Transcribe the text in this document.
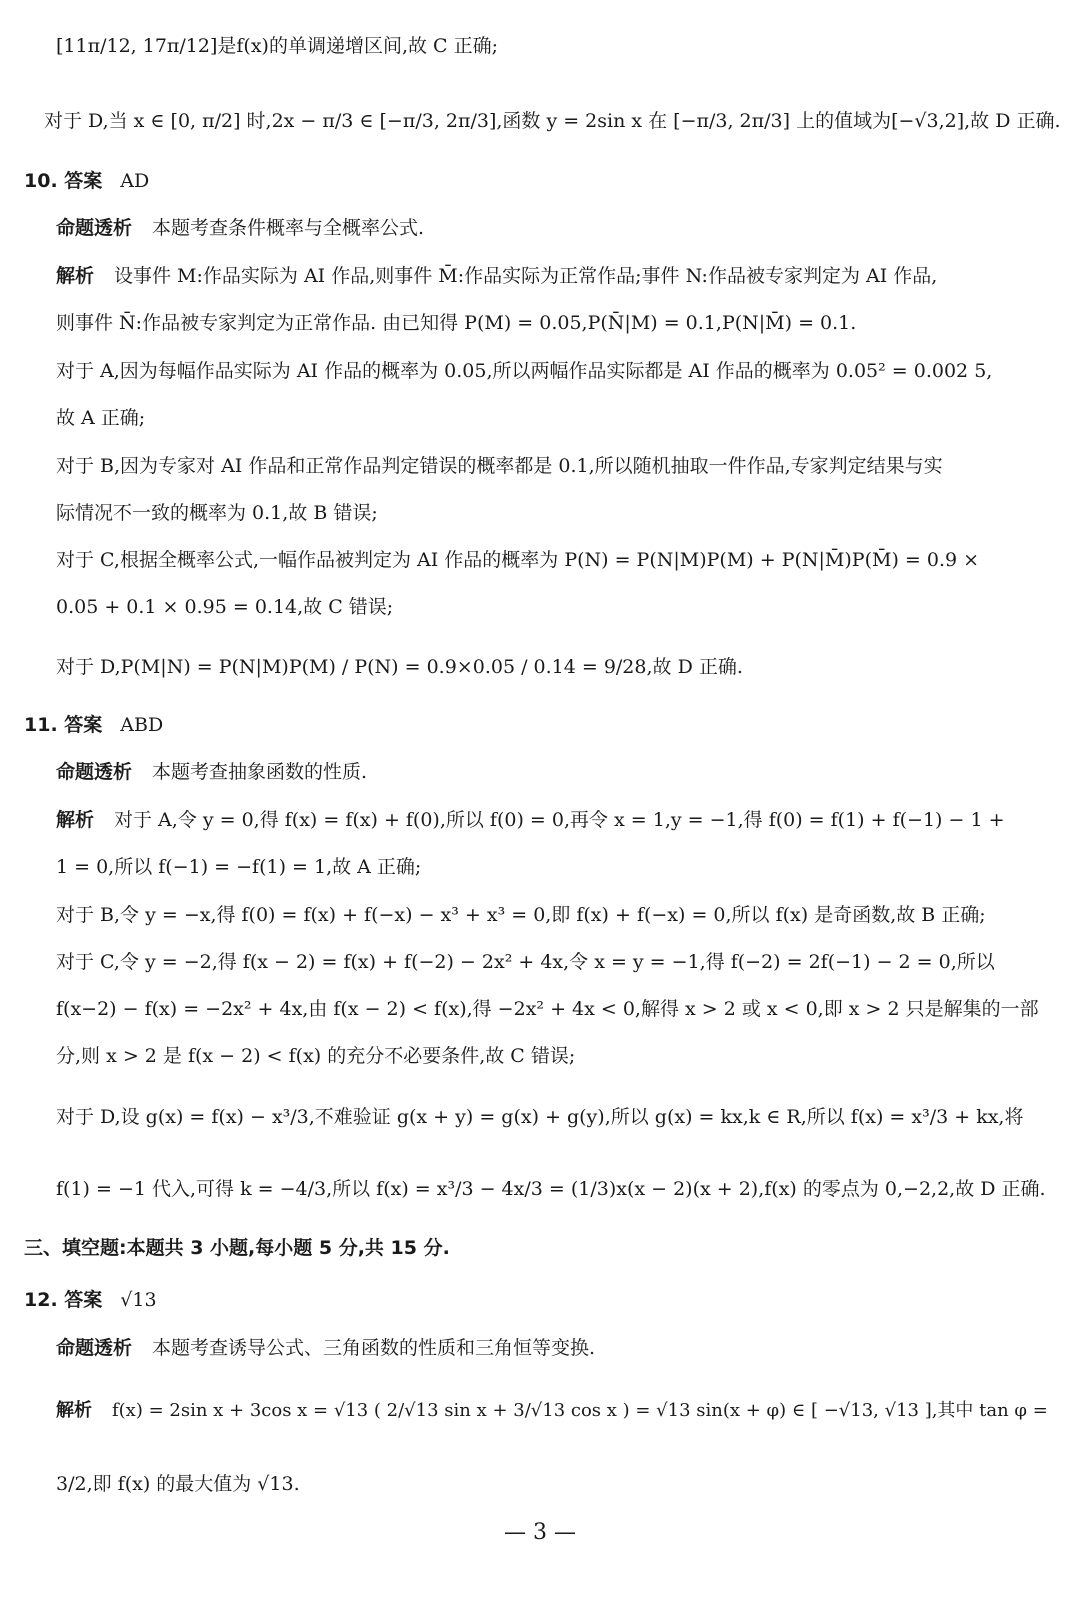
[11π/12, 17π/12]是f(x)的单调递增区间,故 C 正确;
对于 D,当 x ∈ [0, π/2] 时,2x − π/3 ∈ [−π/3, 2π/3],函数 y = 2sin x 在 [−π/3, 2π/3] 上的值域为[−√3,2],故 D 正确.
10. 答案 AD
命题透析 本题考查条件概率与全概率公式.
解析 设事件 M:作品实际为 AI 作品,则事件 M̄:作品实际为正常作品;事件 N:作品被专家判定为 AI 作品,
则事件 N̄:作品被专家判定为正常作品. 由已知得 P(M) = 0.05,P(N̄|M) = 0.1,P(N|M̄) = 0.1.
对于 A,因为每幅作品实际为 AI 作品的概率为 0.05,所以两幅作品实际都是 AI 作品的概率为 0.05² = 0.002 5,
故 A 正确;
对于 B,因为专家对 AI 作品和正常作品判定错误的概率都是 0.1,所以随机抽取一件作品,专家判定结果与实
际情况不一致的概率为 0.1,故 B 错误;
对于 C,根据全概率公式,一幅作品被判定为 AI 作品的概率为 P(N) = P(N|M)P(M) + P(N|M̄)P(M̄) = 0.9 ×
0.05 + 0.1 × 0.95 = 0.14,故 C 错误;
对于 D,P(M|N) = P(N|M)P(M) / P(N) = 0.9×0.05 / 0.14 = 9/28,故 D 正确.
11. 答案 ABD
命题透析 本题考查抽象函数的性质.
解析 对于 A,令 y = 0,得 f(x) = f(x) + f(0),所以 f(0) = 0,再令 x = 1,y = −1,得 f(0) = f(1) + f(−1) − 1 +
1 = 0,所以 f(−1) = −f(1) = 1,故 A 正确;
对于 B,令 y = −x,得 f(0) = f(x) + f(−x) − x³ + x³ = 0,即 f(x) + f(−x) = 0,所以 f(x) 是奇函数,故 B 正确;
对于 C,令 y = −2,得 f(x − 2) = f(x) + f(−2) − 2x² + 4x,令 x = y = −1,得 f(−2) = 2f(−1) − 2 = 0,所以
f(x−2) − f(x) = −2x² + 4x,由 f(x − 2) < f(x),得 −2x² + 4x < 0,解得 x > 2 或 x < 0,即 x > 2 只是解集的一部
分,则 x > 2 是 f(x − 2) < f(x) 的充分不必要条件,故 C 错误;
对于 D,设 g(x) = f(x) − x³/3,不难验证 g(x + y) = g(x) + g(y),所以 g(x) = kx,k ∈ R,所以 f(x) = x³/3 + kx,将
f(1) = −1 代入,可得 k = −4/3,所以 f(x) = x³/3 − 4x/3 = (1/3)x(x − 2)(x + 2),f(x) 的零点为 0,−2,2,故 D 正确.
三、填空题:本题共 3 小题,每小题 5 分,共 15 分.
12. 答案 √13
命题透析 本题考查诱导公式、三角函数的性质和三角恒等变换.
解析 f(x) = 2sin x + 3cos x = √13 ( 2/√13 sin x + 3/√13 cos x ) = √13 sin(x + φ) ∈ [ −√13, √13 ],其中 tan φ =
3/2,即 f(x) 的最大值为 √13.
— 3 —
